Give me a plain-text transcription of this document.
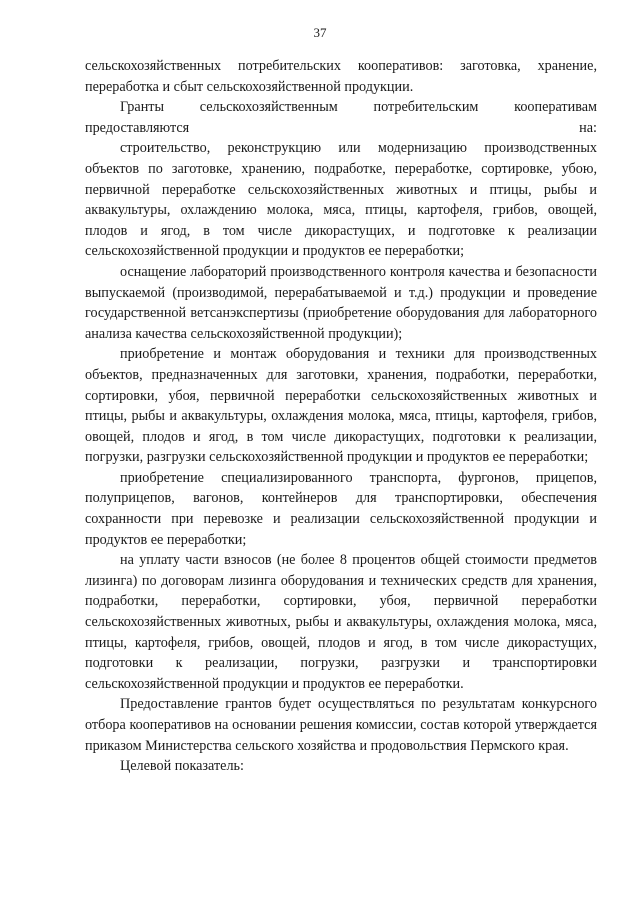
37

сельскохозяйственных потребительских кооперативов: заготовка, хранение, переработка и сбыт сельскохозяйственной продукции.

Гранты сельскохозяйственным потребительским кооперативам предоставляются на:

строительство, реконструкцию или модернизацию производственных объектов по заготовке, хранению, подработке, переработке, сортировке, убою, первичной переработке сельскохозяйственных животных и птицы, рыбы и аквакультуры, охлаждению молока, мяса, птицы, картофеля, грибов, овощей, плодов и ягод, в том числе дикорастущих, и подготовке к реализации сельскохозяйственной продукции и продуктов ее переработки;

оснащение лабораторий производственного контроля качества и безопасности выпускаемой (производимой, перерабатываемой и т.д.) продукции и проведение государственной ветсанэкспертизы (приобретение оборудования для лабораторного анализа качества сельскохозяйственной продукции);

приобретение и монтаж оборудования и техники для производственных объектов, предназначенных для заготовки, хранения, подработки, переработки, сортировки, убоя, первичной переработки сельскохозяйственных животных и птицы, рыбы и аквакультуры, охлаждения молока, мяса, птицы, картофеля, грибов, овощей, плодов и ягод, в том числе дикорастущих, подготовки к реализации, погрузки, разгрузки сельскохозяйственной продукции и продуктов ее переработки;

приобретение специализированного транспорта, фургонов, прицепов, полуприцепов, вагонов, контейнеров для транспортировки, обеспечения сохранности при перевозке и реализации сельскохозяйственной продукции и продуктов ее переработки;

на уплату части взносов (не более 8 процентов общей стоимости предметов лизинга) по договорам лизинга оборудования и технических средств для хранения, подработки, переработки, сортировки, убоя, первичной переработки сельскохозяйственных животных, рыбы и аквакультуры, охлаждения молока, мяса, птицы, картофеля, грибов, овощей, плодов и ягод, в том числе дикорастущих, подготовки к реализации, погрузки, разгрузки и транспортировки сельскохозяйственной продукции и продуктов ее переработки.

Предоставление грантов будет осуществляться по результатам конкурсного отбора кооперативов на основании решения комиссии, состав которой утверждается приказом Министерства сельского хозяйства и продовольствия Пермского края.

Целевой показатель:
